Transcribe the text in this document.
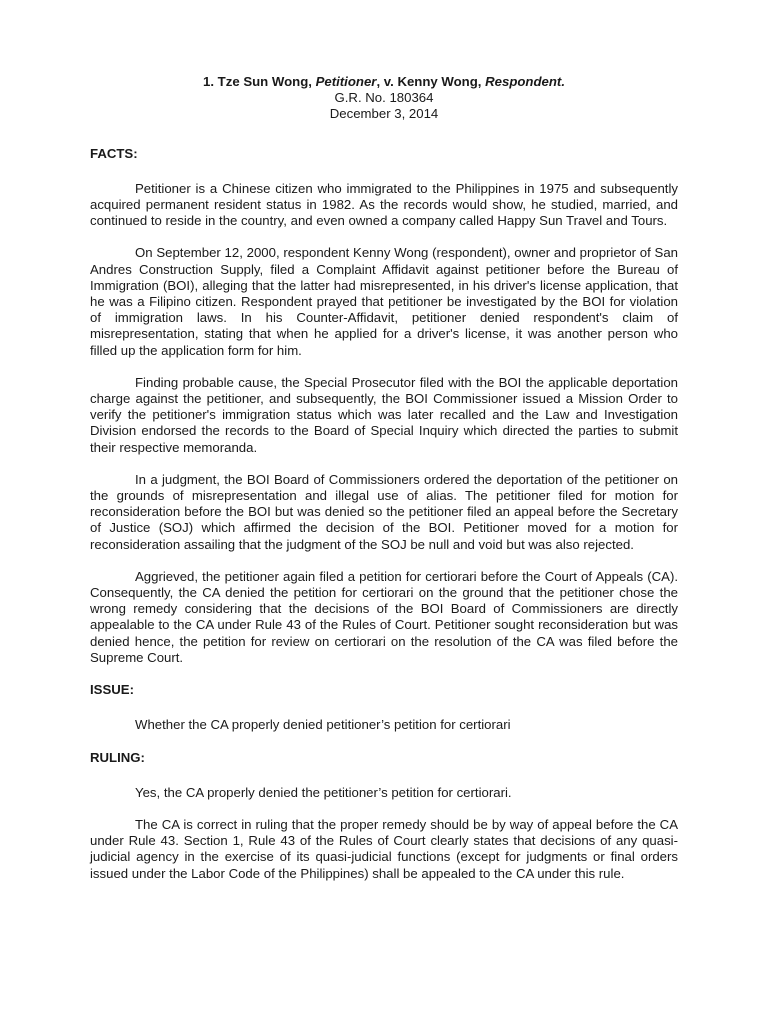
1. Tze Sun Wong, Petitioner, v. Kenny Wong, Respondent.
G.R. No. 180364
December 3, 2014
FACTS:

Petitioner is a Chinese citizen who immigrated to the Philippines in 1975 and subsequently acquired permanent resident status in 1982. As the records would show, he studied, married, and continued to reside in the country, and even owned a company called Happy Sun Travel and Tours.

On September 12, 2000, respondent Kenny Wong (respondent), owner and proprietor of San Andres Construction Supply, filed a Complaint Affidavit against petitioner before the Bureau of Immigration (BOI), alleging that the latter had misrepresented, in his driver's license application, that he was a Filipino citizen. Respondent prayed that petitioner be investigated by the BOI for violation of immigration laws. In his Counter-Affidavit, petitioner denied respondent's claim of misrepresentation, stating that when he applied for a driver's license, it was another person who filled up the application form for him.

Finding probable cause, the Special Prosecutor filed with the BOI the applicable deportation charge against the petitioner, and subsequently, the BOI Commissioner issued a Mission Order to verify the petitioner's immigration status which was later recalled and the Law and Investigation Division endorsed the records to the Board of Special Inquiry which directed the parties to submit their respective memoranda.

In a judgment, the BOI Board of Commissioners ordered the deportation of the petitioner on the grounds of misrepresentation and illegal use of alias. The petitioner filed for motion for reconsideration before the BOI but was denied so the petitioner filed an appeal before the Secretary of Justice (SOJ) which affirmed the decision of the BOI. Petitioner moved for a motion for reconsideration assailing that the judgment of the SOJ be null and void but was also rejected.

Aggrieved, the petitioner again filed a petition for certiorari before the Court of Appeals (CA). Consequently, the CA denied the petition for certiorari on the ground that the petitioner chose the wrong remedy considering that the decisions of the BOI Board of Commissioners are directly appealable to the CA under Rule 43 of the Rules of Court. Petitioner sought reconsideration but was denied hence, the petition for review on certiorari on the resolution of the CA was filed before the Supreme Court.

ISSUE:

Whether the CA properly denied petitioner’s petition for certiorari

RULING:

Yes, the CA properly denied the petitioner’s petition for certiorari.

The CA is correct in ruling that the proper remedy should be by way of appeal before the CA under Rule 43. Section 1, Rule 43 of the Rules of Court clearly states that decisions of any quasi-judicial agency in the exercise of its quasi-judicial functions (except for judgments or final orders issued under the Labor Code of the Philippines) shall be appealed to the CA under this rule.
